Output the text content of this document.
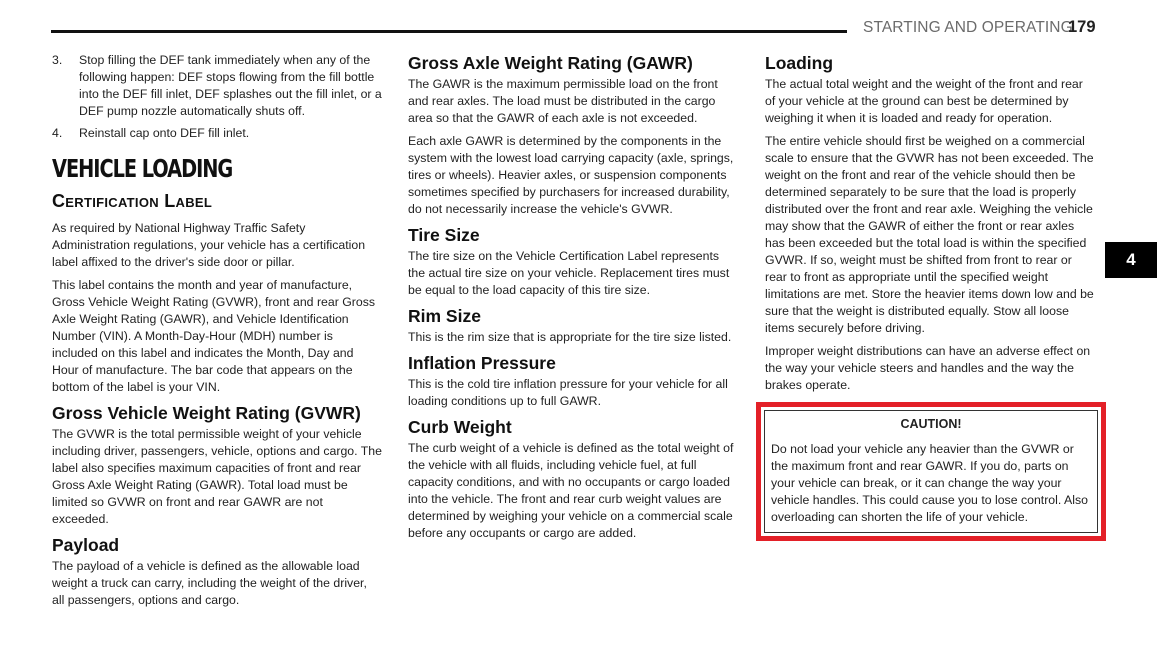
STARTING AND OPERATING
179
4
3.	Stop filling the DEF tank immediately when any of the following happen: DEF stops flowing from the fill bottle into the DEF fill inlet, DEF splashes out the fill inlet, or a DEF pump nozzle automatically shuts off.
4.	Reinstall cap onto DEF fill inlet.
VEHICLE LOADING
Certification Label

As required by National Highway Traffic Safety Administration regulations, your vehicle has a certification label affixed to the driver's side door or pillar.

This label contains the month and year of manufacture, Gross Vehicle Weight Rating (GVWR), front and rear Gross Axle Weight Rating (GAWR), and Vehicle Identification Number (VIN). A Month-Day-Hour (MDH) number is included on this label and indicates the Month, Day and Hour of manufacture. The bar code that appears on the bottom of the label is your VIN.

Gross Vehicle Weight Rating (GVWR)

The GVWR is the total permissible weight of your vehicle including driver, passengers, vehicle, options and cargo. The label also specifies maximum capacities of front and rear Gross Axle Weight Rating (GAWR). Total load must be limited so GVWR on front and rear GAWR are not exceeded.

Payload

The payload of a vehicle is defined as the allowable load weight a truck can carry, including the weight of the driver, all passengers, options and cargo.

Gross Axle Weight Rating (GAWR)

The GAWR is the maximum permissible load on the front and rear axles. The load must be distributed in the cargo area so that the GAWR of each axle is not exceeded.

Each axle GAWR is determined by the components in the system with the lowest load carrying capacity (axle, springs, tires or wheels). Heavier axles, or suspension components sometimes specified by purchasers for increased durability, do not necessarily increase the vehicle's GVWR.

Tire Size

The tire size on the Vehicle Certification Label represents the actual tire size on your vehicle. Replacement tires must be equal to the load capacity of this tire size.

Rim Size

This is the rim size that is appropriate for the tire size listed.

Inflation Pressure

This is the cold tire inflation pressure for your vehicle for all loading conditions up to full GAWR.

Curb Weight

The curb weight of a vehicle is defined as the total weight of the vehicle with all fluids, including vehicle fuel, at full capacity conditions, and with no occupants or cargo loaded into the vehicle. The front and rear curb weight values are determined by weighing your vehicle on a commercial scale before any occupants or cargo are added.

Loading

The actual total weight and the weight of the front and rear of your vehicle at the ground can best be determined by weighing it when it is loaded and ready for operation.

The entire vehicle should first be weighed on a commercial scale to ensure that the GVWR has not been exceeded. The weight on the front and rear of the vehicle should then be determined separately to be sure that the load is properly distributed over the front and rear axle. Weighing the vehicle may show that the GAWR of either the front or rear axles has been exceeded but the total load is within the specified GVWR. If so, weight must be shifted from front to rear or rear to front as appropriate until the specified weight limitations are met. Store the heavier items down low and be sure that the weight is distributed equally. Stow all loose items securely before driving.

Improper weight distributions can have an adverse effect on the way your vehicle steers and handles and the way the brakes operate.

CAUTION!

Do not load your vehicle any heavier than the GVWR or the maximum front and rear GAWR. If you do, parts on your vehicle can break, or it can change the way your vehicle handles. This could cause you to lose control. Also overloading can shorten the life of your vehicle.
